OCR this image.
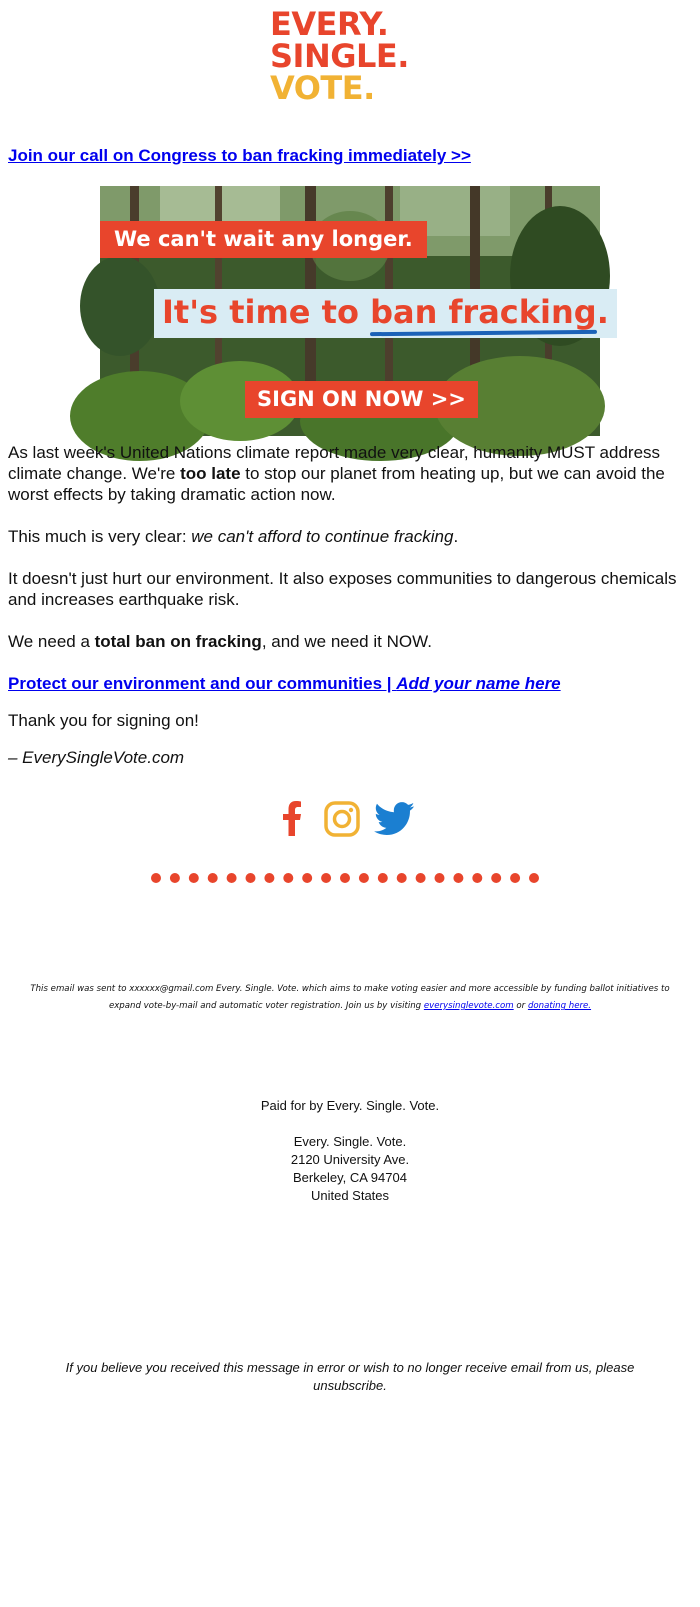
EVERY.
SINGLE.
VOTE.
Join our call on Congress to ban fracking immediately >>
We can't wait any longer.
It's time to ban fracking.
SIGN ON NOW >>

As last week's United Nations climate report made very clear, humanity MUST address climate change. We're too late to stop our planet from heating up, but we can avoid the worst effects by taking dramatic action now.

This much is very clear: we can't afford to continue fracking.

It doesn't just hurt our environment. It also exposes communities to dangerous chemicals and increases earthquake risk.

We need a total ban on fracking, and we need it NOW.

Protect our environment and our communities | Add your name here

Thank you for signing on!

– EverySingleVote.com

This email was sent to xxxxxx@gmail.com Every. Single. Vote. which aims to make voting easier and more accessible by funding ballot initiatives to expand vote-by-mail and automatic voter registration. Join us by visiting everysinglevote.com or donating here.
Paid for by Every. Single. Vote.
Every. Single. Vote.
2120 University Ave.
Berkeley, CA 94704
United States
If you believe you received this message in error or wish to no longer receive email from us, please unsubscribe.
